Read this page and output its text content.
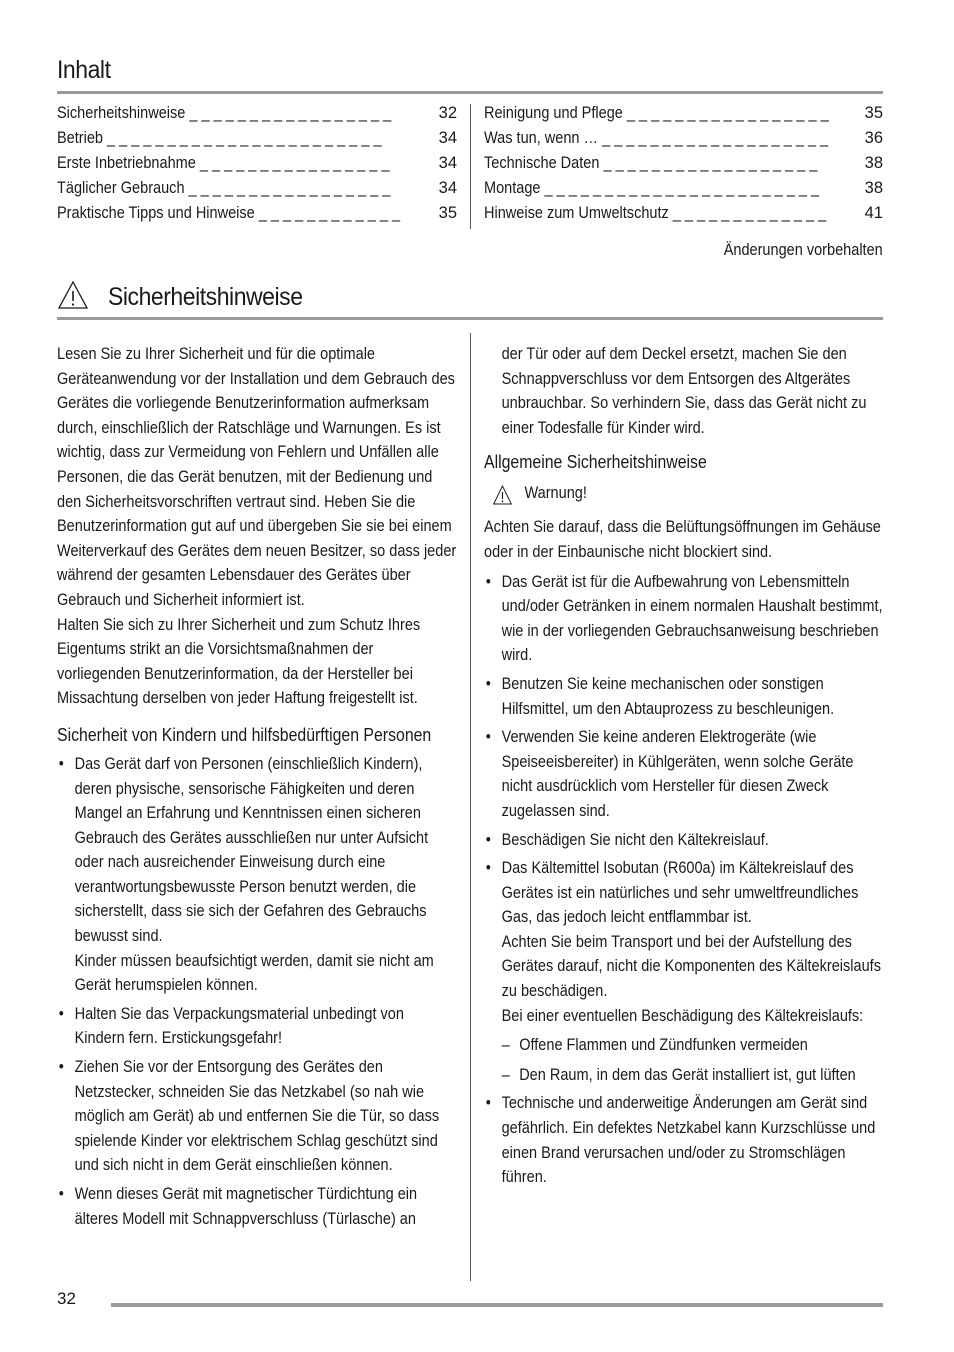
Inhalt
Sicherheitshinweise _ _ _ _ _ _ _ _ _ _ _ _ _ _ _ _ _	32
Betrieb _ _ _ _ _ _ _ _ _ _ _ _ _ _ _ _ _ _ _ _ _ _ _	34
Erste Inbetriebnahme _ _ _ _ _ _ _ _ _ _ _ _ _ _ _ _	34
Täglicher Gebrauch _ _ _ _ _ _ _ _ _ _ _ _ _ _ _ _ _	34
Praktische Tipps und Hinweise _ _ _ _ _ _ _ _ _ _ _ _ 35
Reinigung und Pflege _ _ _ _ _ _ _ _ _ _ _ _ _ _ _ _ _ 35
Was tun, wenn … _ _ _ _ _ _ _ _ _ _ _ _ _ _ _ _ _ _ _ 36
Technische Daten _ _ _ _ _ _ _ _ _ _ _ _ _ _ _ _ _ _	38
Montage _ _ _ _ _ _ _ _ _ _ _ _ _ _ _ _ _ _ _ _ _ _ _	38
Hinweise zum Umweltschutz _ _ _ _ _ _ _ _ _ _ _ _ _ 41
Änderungen vorbehalten
Sicherheitshinweise

Lesen Sie zu Ihrer Sicherheit und für die optimale Geräteanwendung vor der Installation und dem Gebrauch des Gerätes die vorliegende Benutzerinformation aufmerksam durch, einschließlich der Ratschläge und Warnungen. Es ist wichtig, dass zur Vermeidung von Fehlern und Unfällen alle Personen, die das Gerät benutzen, mit der Bedienung und den Sicherheitsvorschriften vertraut sind. Heben Sie die Benutzerinformation gut auf und übergeben Sie sie bei einem Weiterverkauf des Gerätes dem neuen Besitzer, so dass jeder während der gesamten Lebensdauer des Gerätes über Gebrauch und Sicherheit informiert ist.

Halten Sie sich zu Ihrer Sicherheit und zum Schutz Ihres Eigentums strikt an die Vorsichtsmaßnahmen der vorliegenden Benutzerinformation, da der Hersteller bei Missachtung derselben von jeder Haftung freigestellt ist.

Sicherheit von Kindern und hilfsbedürftigen Personen

• Das Gerät darf von Personen (einschließlich Kindern), deren physische, sensorische Fähigkeiten und deren Mangel an Erfahrung und Kenntnissen einen sicheren Gebrauch des Gerätes ausschließen nur unter Aufsicht oder nach ausreichender Einweisung durch eine verantwortungsbewusste Person benutzt werden, die sicherstellt, dass sie sich der Gefahren des Gebrauchs bewusst sind.
Kinder müssen beaufsichtigt werden, damit sie nicht am Gerät herumspielen können.
• Halten Sie das Verpackungsmaterial unbedingt von Kindern fern. Erstickungsgefahr!
• Ziehen Sie vor der Entsorgung des Gerätes den Netzstecker, schneiden Sie das Netzkabel (so nah wie möglich am Gerät) ab und entfernen Sie die Tür, so dass spielende Kinder vor elektrischem Schlag geschützt sind und sich nicht in dem Gerät einschließen können.
• Wenn dieses Gerät mit magnetischer Türdichtung ein älteres Modell mit Schnappverschluss (Türlasche) an

der Tür oder auf dem Deckel ersetzt, machen Sie den Schnappverschluss vor dem Entsorgen des Altgerätes unbrauchbar. So verhindern Sie, dass das Gerät nicht zu einer Todesfalle für Kinder wird.

Allgemeine Sicherheitshinweise

Warnung!

Achten Sie darauf, dass die Belüftungsöffnungen im Gehäuse oder in der Einbaunische nicht blockiert sind.

• Das Gerät ist für die Aufbewahrung von Lebensmitteln und/oder Getränken in einem normalen Haushalt bestimmt, wie in der vorliegenden Gebrauchsanweisung beschrieben wird.
• Benutzen Sie keine mechanischen oder sonstigen Hilfsmittel, um den Abtauprozess zu beschleunigen.
• Verwenden Sie keine anderen Elektrogeräte (wie Speiseeisbereiter) in Kühlgeräten, wenn solche Geräte nicht ausdrücklich vom Hersteller für diesen Zweck zugelassen sind.
• Beschädigen Sie nicht den Kältekreislauf.
• Das Kältemittel Isobutan (R600a) im Kältekreislauf des Gerätes ist ein natürliches und sehr umweltfreundliches Gas, das jedoch leicht entflammbar ist.
Achten Sie beim Transport und bei der Aufstellung des Gerätes darauf, nicht die Komponenten des Kältekreislaufs zu beschädigen.
Bei einer eventuellen Beschädigung des Kältekreislaufs:
– Offene Flammen und Zündfunken vermeiden
– Den Raum, in dem das Gerät installiert ist, gut lüften
• Technische und anderweitige Änderungen am Gerät sind gefährlich. Ein defektes Netzkabel kann Kurzschlüsse und einen Brand verursachen und/oder zu Stromschlägen führen.
32
